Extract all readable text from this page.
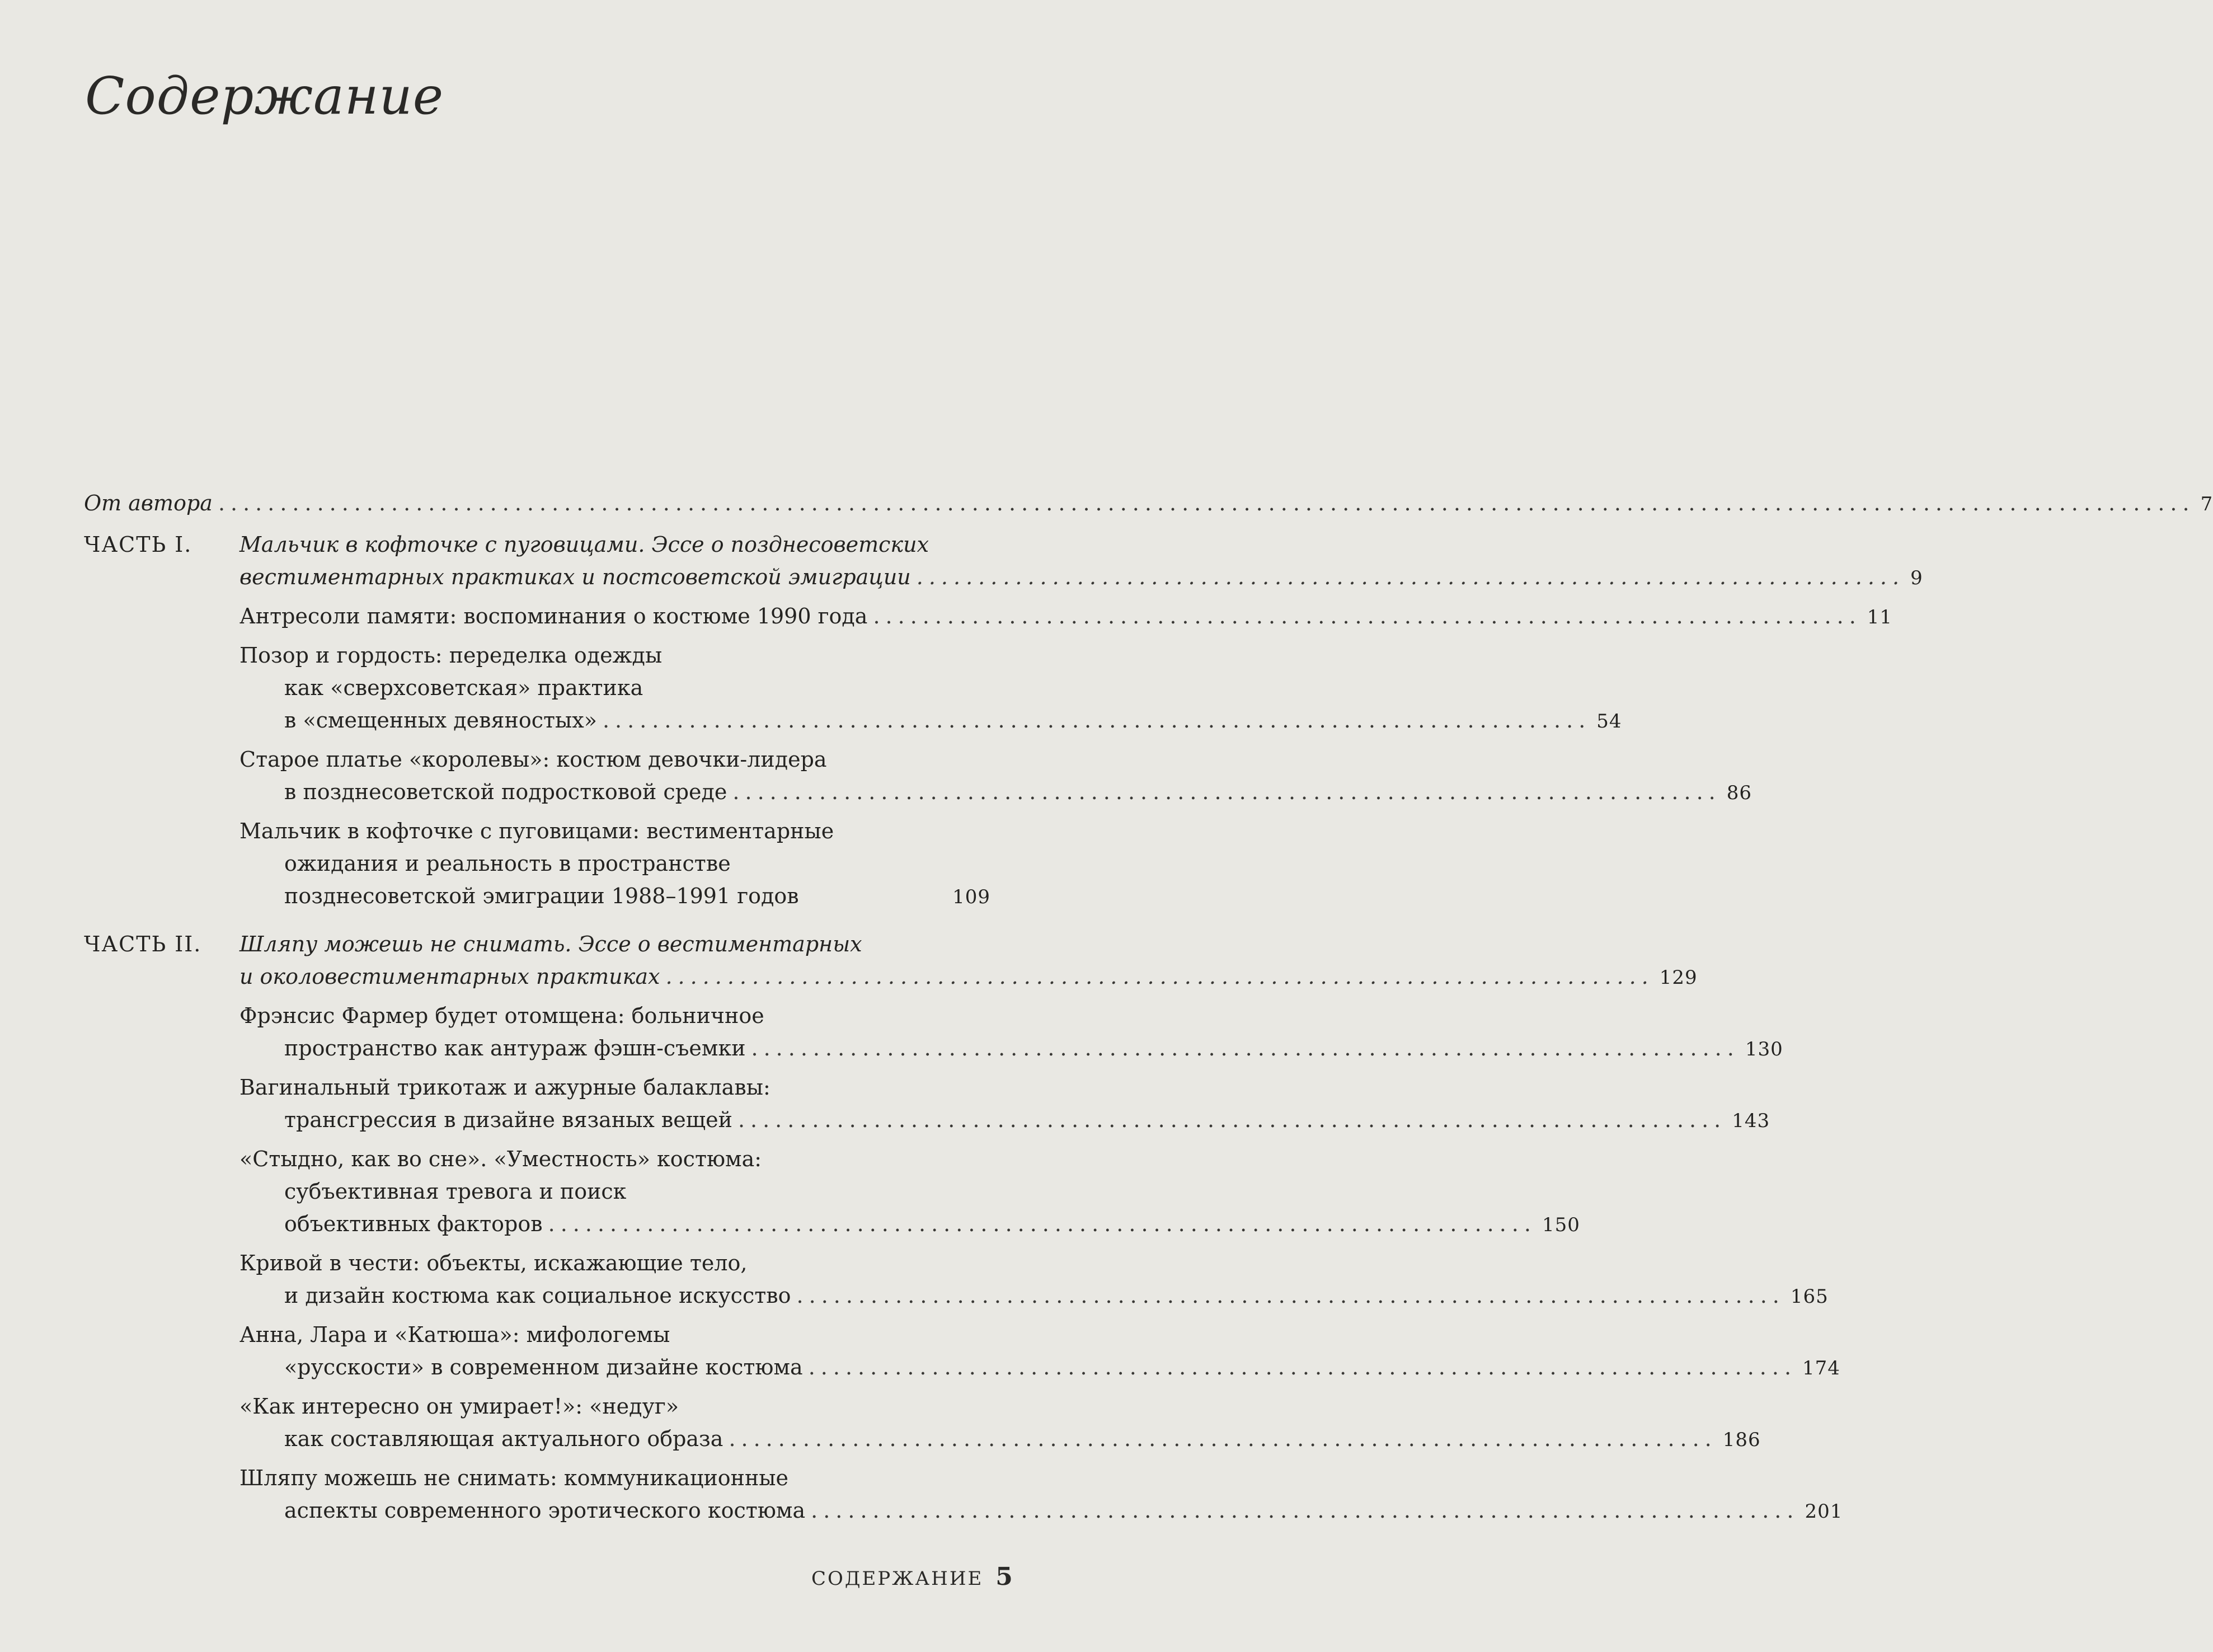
Содержание
От автора ................................................................................................................................................................ 7
ЧАСТЬ I. Мальчик в кофточке с пуговицами. Эссе о позднесоветских
вестиментарных практиках и постсоветской эмиграции ................................................................................ 9
Антресоли памяти: воспоминания о костюме 1990 года ................................................................................ 11
Позор и гордость: переделка одежды
как «сверхсоветская» практика
в «смещенных девяностых» ................................................................................ 54
Старое платье «королевы»: костюм девочки-лидера
в позднесоветской подростковой среде ................................................................................ 86
Мальчик в кофточке с пуговицами: вестиментарные
ожидания и реальность в пространстве
позднесоветской эмиграции 1988–1991 годов	109
ЧАСТЬ II. Шляпу можешь не снимать. Эссе о вестиментарных
и околовестиментарных практиках ................................................................................ 129
Фрэнсис Фармер будет отомщена: больничное
пространство как антураж фэшн-съемки ................................................................................ 130
Вагинальный трикотаж и ажурные балаклавы:
трансгрессия в дизайне вязаных вещей ................................................................................ 143
«Стыдно, как во сне». «Уместность» костюма:
субъективная тревога и поиск
объективных факторов ................................................................................ 150
Кривой в чести: объекты, искажающие тело,
и дизайн костюма как социальное искусство ................................................................................ 165
Анна, Лара и «Катюша»: мифологемы
«русскости» в современном дизайне костюма ................................................................................ 174
«Как интересно он умирает!»: «недуг»
как составляющая актуального образа ................................................................................ 186
Шляпу можешь не снимать: коммуникационные
аспекты современного эротического костюма ................................................................................ 201
СОДЕРЖАНИЕ 5
